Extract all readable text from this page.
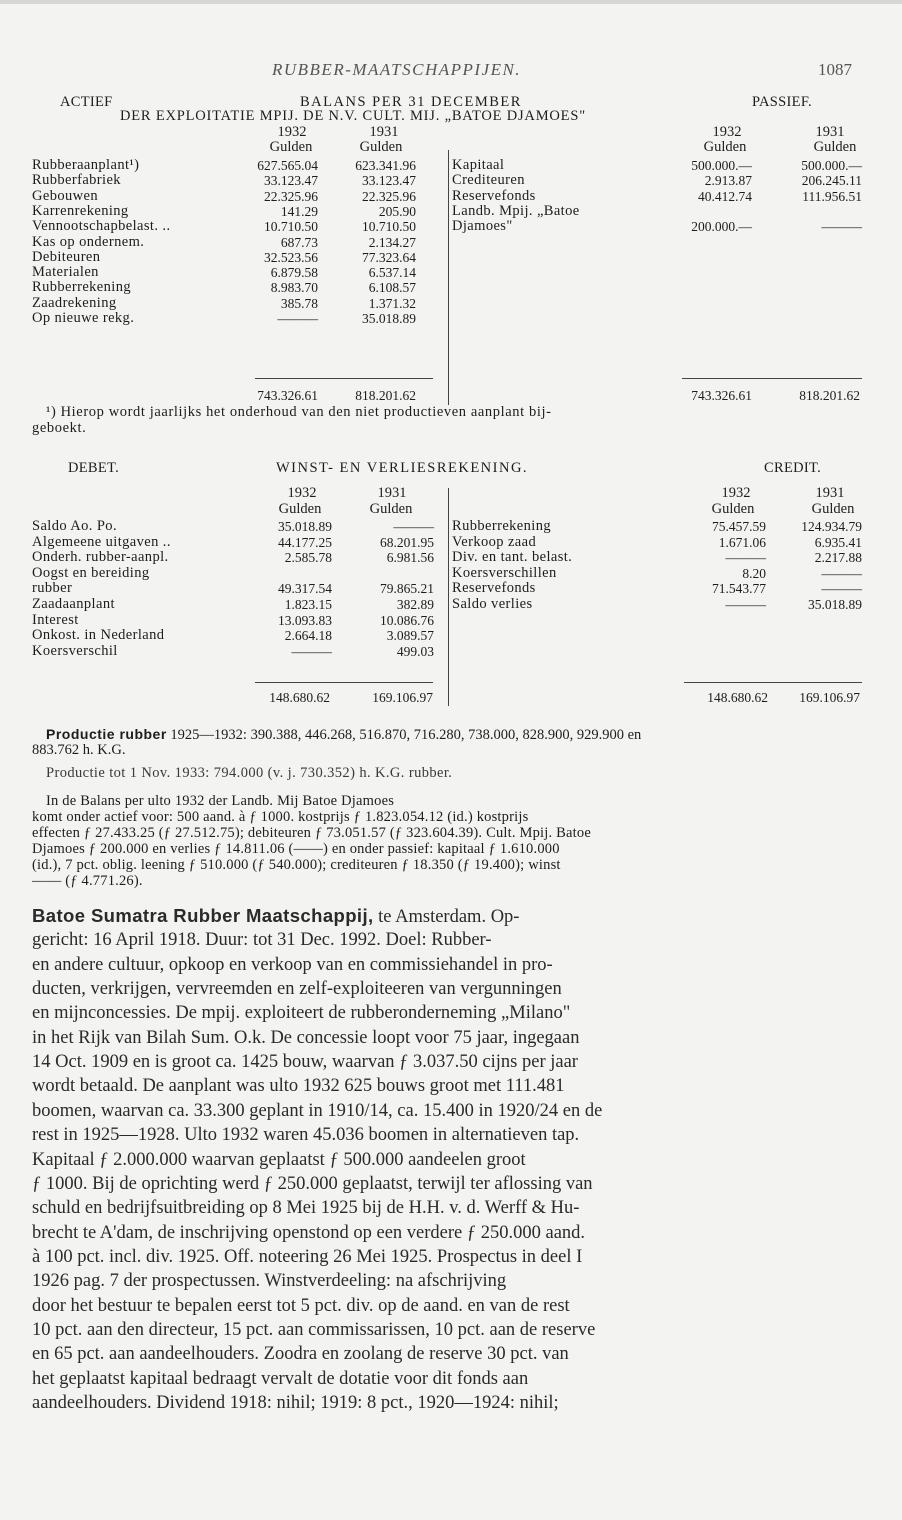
RUBBER-MAATSCHAPPIJEN.	1087
ACTIEF	BALANS PER 31 DECEMBER	PASSIEF.
DER EXPLOITATIE MPIJ. DE N.V. CULT. MIJ. „BATOE DJAMOES"
1932	1931
Gulden	Gulden
1932	1931
Gulden	Gulden
Rubberaanplant¹)	627.565.04	623.341.96
Rubberfabriek	33.123.47	33.123.47
Gebouwen	22.325.96	22.325.96
Karrenrekening	141.29	205.90
Vennootschapbelast. ..	10.710.50	10.710.50
Kas op ondernem.	687.73	2.134.27
Debiteuren	32.523.56	77.323.64
Materialen	6.879.58	6.537.14
Rubberrekening	8.983.70	6.108.57
Zaadrekening	385.78	1.371.32
Op nieuwe rekg.	———	35.018.89
Kapitaal	500.000.—	500.000.—
Crediteuren	2.913.87	206.245.11
Reservefonds	40.412.74	111.956.51
Landb. Mpij. „Batoe
Djamoes"	200.000.—	———
743.326.61	818.201.62	743.326.61	818.201.62
¹) Hierop wordt jaarlijks het onderhoud van den niet productieven aanplant bij-
geboekt.
DEBET.	WINST- EN VERLIESREKENING.	CREDIT.
1932	1931
Gulden	Gulden
1932	1931
Gulden	Gulden
Saldo Ao. Po.	35.018.89	———
Algemeene uitgaven ..	44.177.25	68.201.95
Onderh. rubber-aanpl.	2.585.78	6.981.56
Oogst en bereiding
rubber	49.317.54	79.865.21
Zaadaanplant	1.823.15	382.89
Interest	13.093.83	10.086.76
Onkost. in Nederland	2.664.18	3.089.57
Koersverschil	———	499.03
Rubberrekening	75.457.59	124.934.79
Verkoop zaad	1.671.06	6.935.41
Div. en tant. belast.	———	2.217.88
Koersverschillen	8.20	———
Reservefonds	71.543.77	———
Saldo verlies	———	35.018.89
148.680.62	169.106.97	148.680.62	169.106.97
Productie rubber 1925—1932: 390.388, 446.268, 516.870, 716.280, 738.000, 828.900, 929.900 en
883.762 h. K.G.
Productie tot 1 Nov. 1933: 794.000 (v. j. 730.352) h. K.G. rubber.
In de Balans per ulto 1932 der Landb. Mij Batoe Djamoes
komt onder actief voor: 500 aand. à ƒ 1000. kostprijs ƒ 1.823.054.12 (id.) kostprijs
effecten ƒ 27.433.25 (ƒ 27.512.75); debiteuren ƒ 73.051.57 (ƒ 323.604.39). Cult. Mpij. Batoe
Djamoes ƒ 200.000 en verlies ƒ 14.811.06 (——) en onder passief: kapitaal ƒ 1.610.000
(id.), 7 pct. oblig. leening ƒ 510.000 (ƒ 540.000); crediteuren ƒ 18.350 (ƒ 19.400); winst
—— (ƒ 4.771.26).
Batoe Sumatra Rubber Maatschappij, te Amsterdam. Op-
gericht: 16 April 1918. Duur: tot 31 Dec. 1992. Doel: Rubber-
en andere cultuur, opkoop en verkoop van en commissiehandel in pro-
ducten, verkrijgen, vervreemden en zelf-exploiteeren van vergunningen
en mijnconcessies. De mpij. exploiteert de rubberonderneming „Milano"
in het Rijk van Bilah Sum. O.k. De concessie loopt voor 75 jaar, ingegaan
14 Oct. 1909 en is groot ca. 1425 bouw, waarvan ƒ 3.037.50 cijns per jaar
wordt betaald. De aanplant was ulto 1932 625 bouws groot met 111.481
boomen, waarvan ca. 33.300 geplant in 1910/14, ca. 15.400 in 1920/24 en de
rest in 1925—1928. Ulto 1932 waren 45.036 boomen in alternatieven tap.
Kapitaal ƒ 2.000.000 waarvan geplaatst ƒ 500.000 aandeelen groot
ƒ 1000. Bij de oprichting werd ƒ 250.000 geplaatst, terwijl ter aflossing van
schuld en bedrijfsuitbreiding op 8 Mei 1925 bij de H.H. v. d. Werff & Hu-
brecht te A'dam, de inschrijving openstond op een verdere ƒ 250.000 aand.
à 100 pct. incl. div. 1925. Off. noteering 26 Mei 1925. Prospectus in deel I
1926 pag. 7 der prospectussen. Winstverdeeling: na afschrijving
door het bestuur te bepalen eerst tot 5 pct. div. op de aand. en van de rest
10 pct. aan den directeur, 15 pct. aan commissarissen, 10 pct. aan de reserve
en 65 pct. aan aandeelhouders. Zoodra en zoolang de reserve 30 pct. van
het geplaatst kapitaal bedraagt vervalt de dotatie voor dit fonds aan
aandeelhouders. Dividend 1918: nihil; 1919: 8 pct., 1920—1924: nihil;
